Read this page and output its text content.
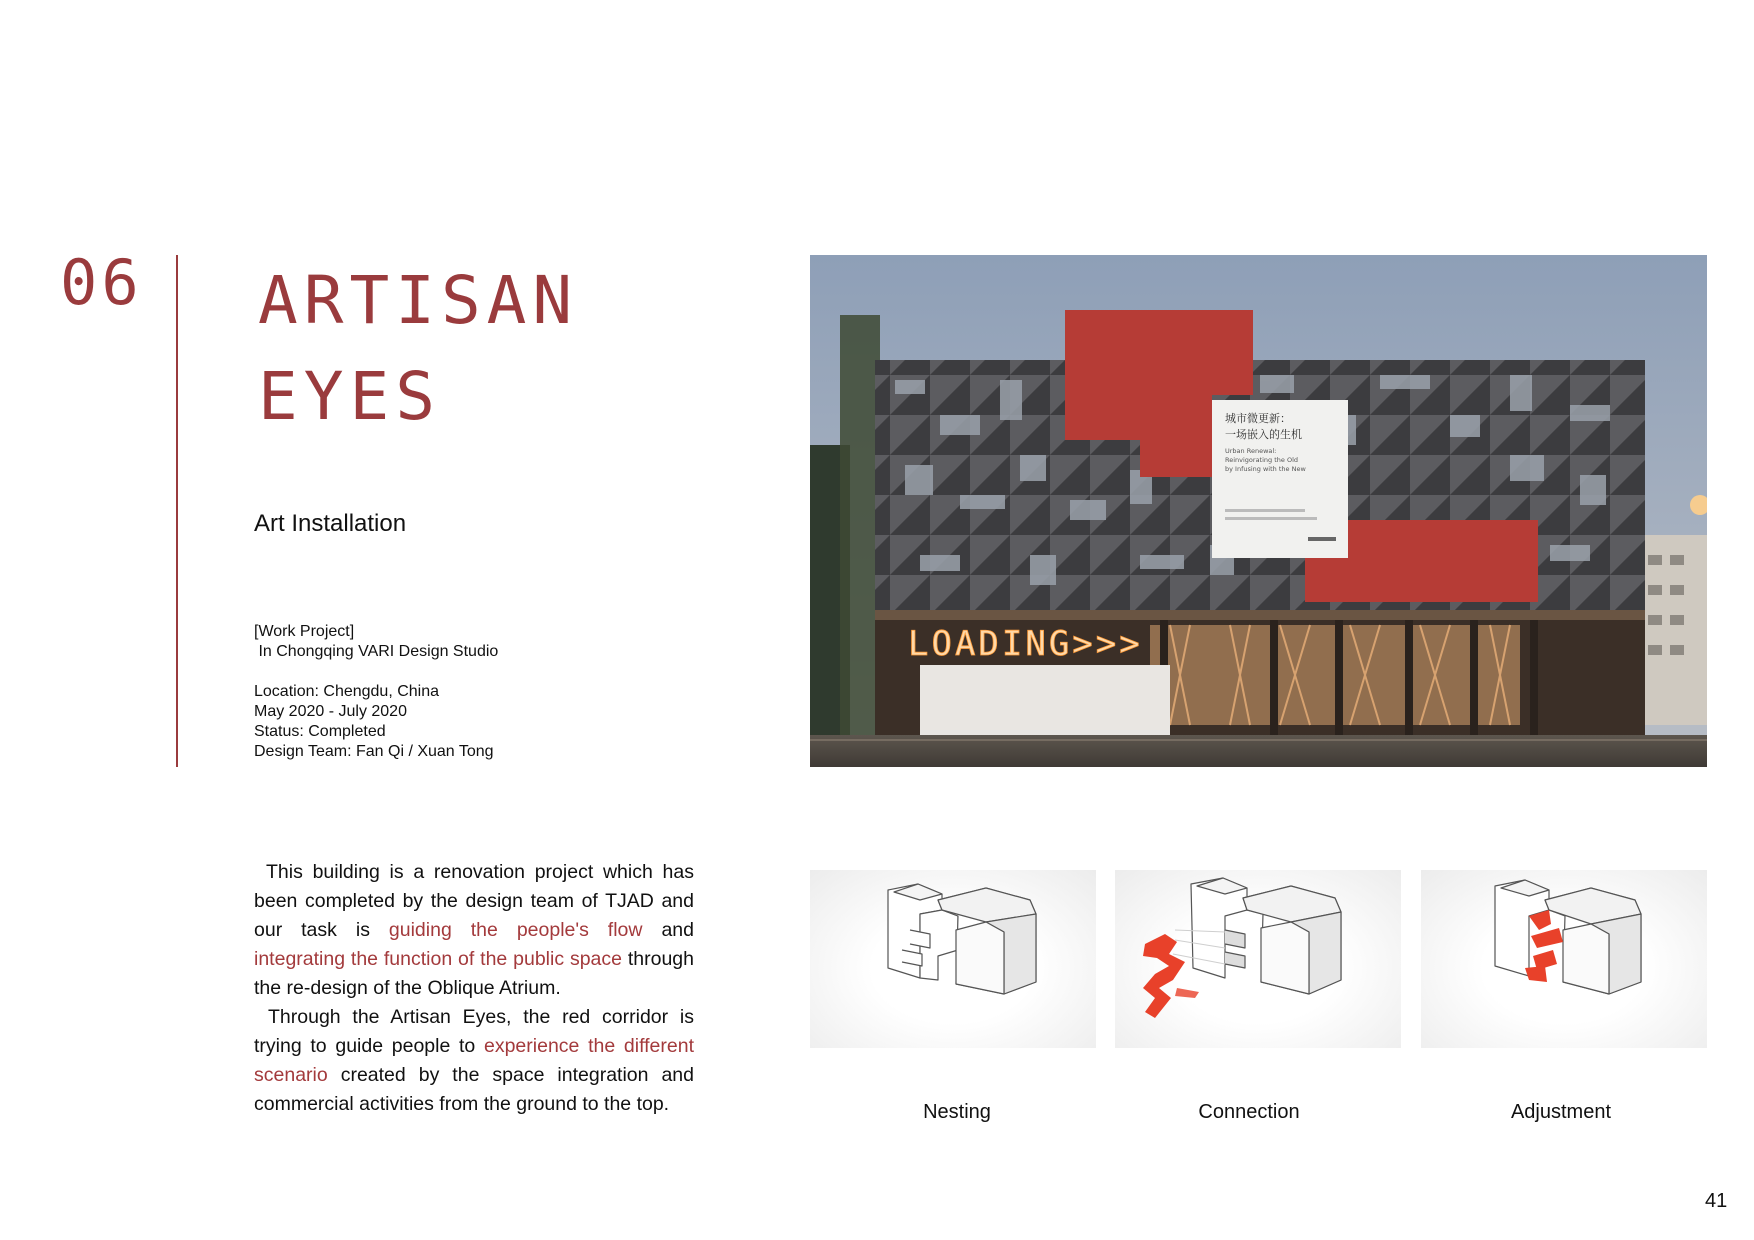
06 ARTISAN
EYES
Art Installation
[Work Project]
In Chongqing VARI Design Studio
Location: Chengdu, China
May 2020 - July 2020
Status: Completed
Design Team: Fan Qi / Xuan Tong

This building is a renovation project which has been completed by the design team of TJAD and our task is guiding the people's flow and integrating the function of the public space through the re-design of the Oblique Atrium.

Through the Artisan Eyes, the red corridor is trying to guide people to experience the different scenario created by the space integration and commercial activities from the ground to the top.

城市微更新：
一场嵌入的生机
Urban Renewal:
Reinvigorating the Old
by Infusing with the New
LOADING>>>
Nesting	Connection	Adjustment
41
